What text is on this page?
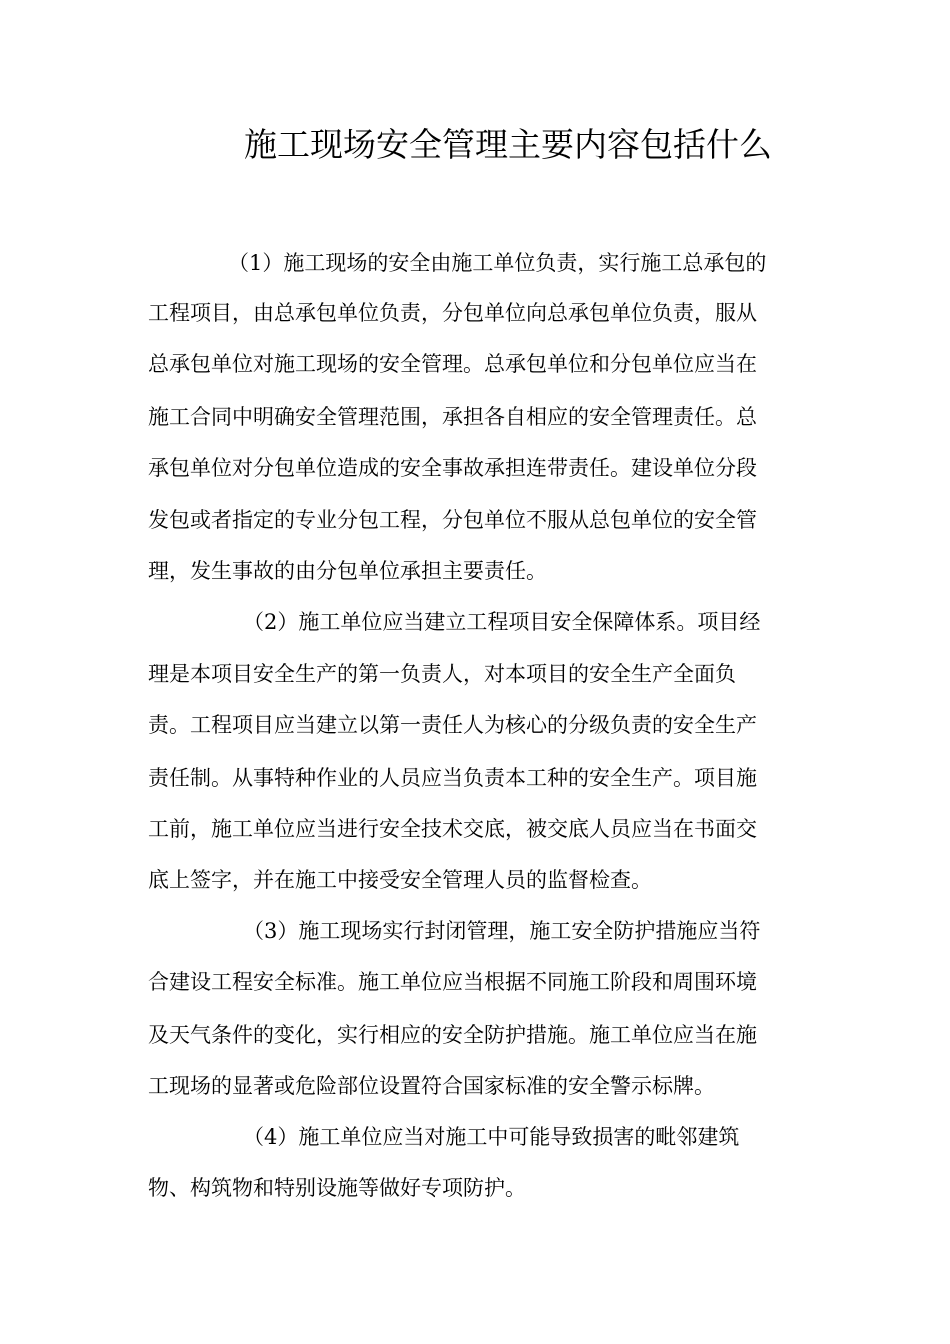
施工现场安全管理主要内容包括什么

（1）施工现场的安全由施工单位负责，实行施工总承包的

工程项目，由总承包单位负责，分包单位向总承包单位负责，服从

总承包单位对施工现场的安全管理。总承包单位和分包单位应当在

施工合同中明确安全管理范围，承担各自相应的安全管理责任。总

承包单位对分包单位造成的安全事故承担连带责任。建设单位分段

发包或者指定的专业分包工程，分包单位不服从总包单位的安全管

理，发生事故的由分包单位承担主要责任。

（2）施工单位应当建立工程项目安全保障体系。项目经

理是本项目安全生产的第一负责人，对本项目的安全生产全面负

责。工程项目应当建立以第一责任人为核心的分级负责的安全生产

责任制。从事特种作业的人员应当负责本工种的安全生产。项目施

工前，施工单位应当进行安全技术交底，被交底人员应当在书面交

底上签字，并在施工中接受安全管理人员的监督检查。

（3）施工现场实行封闭管理，施工安全防护措施应当符

合建设工程安全标准。施工单位应当根据不同施工阶段和周围环境

及天气条件的变化，实行相应的安全防护措施。施工单位应当在施

工现场的显著或危险部位设置符合国家标准的安全警示标牌。

（4）施工单位应当对施工中可能导致损害的毗邻建筑

物、构筑物和特别设施等做好专项防护。
